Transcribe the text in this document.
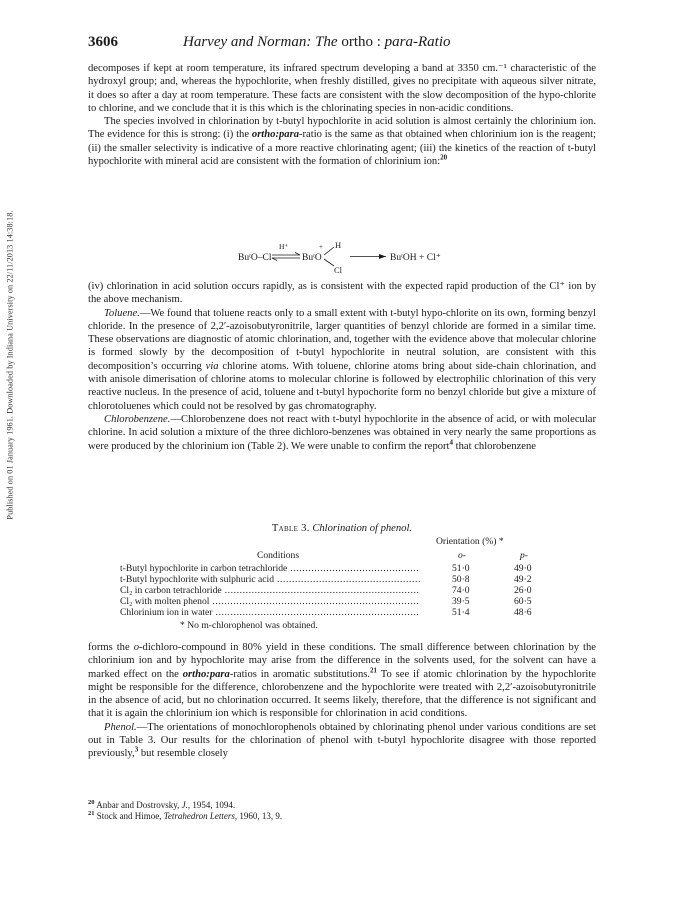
Published on 01 January 1961. Downloaded by Indiana University on 22/11/2013 14:38:18.
3606	Harvey and Norman: The ortho : para-Ratio

decomposes if kept at room temperature, its infrared spectrum developing a band at 3350 cm.⁻¹ characteristic of the hydroxyl group; and, whereas the hypochlorite, when freshly distilled, gives no precipitate with aqueous silver nitrate, it does so after a day at room temperature. These facts are consistent with the slow decomposition of the hypo-chlorite to chlorine, and we conclude that it is this which is the chlorinating species in non-acidic conditions.

The species involved in chlorination by t-butyl hypochlorite in acid solution is almost certainly the chlorinium ion. The evidence for this is strong: (i) the ortho:para-ratio is the same as that obtained when chlorinium ion is the reagent; (ii) the smaller selectivity is indicative of a more reactive chlorinating agent; (iii) the kinetics of the reaction of t-butyl hypochlorite with mineral acid are consistent with the formation of chlorinium ion:$^{20}$

BuᵗO–Cl
H⁺
BuᵗO
+ H
Cl
BuᵗOH + Cl⁺

(iv) chlorination in acid solution occurs rapidly, as is consistent with the expected rapid production of the Cl⁺ ion by the above mechanism.

Toluene.—We found that toluene reacts only to a small extent with t-butyl hypo-chlorite on its own, forming benzyl chloride. In the presence of 2,2′-azoisobutyronitrile, larger quantities of benzyl chloride are formed in a similar time. These observations are diagnostic of atomic chlorination, and, together with the evidence above that molecular chlorine is formed slowly by the decomposition of t-butyl hypochlorite in neutral solution, are consistent with this decomposition’s occurring via chlorine atoms. With toluene, chlorine atoms bring about side-chain chlorination, and with anisole dimerisation of chlorine atoms to molecular chlorine is followed by electrophilic chlorination of this very reactive nucleus. In the presence of acid, toluene and t-butyl hypochorite form no benzyl chloride but give a mixture of chlorotoluenes which could not be resolved by gas chromatography.

Chlorobenzene.—Chlorobenzene does not react with t-butyl hypochlorite in the absence of acid, or with molecular chlorine. In acid solution a mixture of the three dichloro-benzenes was obtained in very nearly the same proportions as were produced by the chlorinium ion (Table 2). We were unable to confirm the report$^4$ that chlorobenzene

Table 3. Chlorination of phenol.
Orientation (%) *
Conditions	o-	p-
t-Butyl hypochlorite in carbon tetrachloride .....	51·0	49·0
t-Butyl hypochlorite with sulphuric acid .....	50·8	49·2
Cl₂ in carbon tetrachloride .....	74·0	26·0
Cl₂ with molten phenol .....	39·5	60·5
Chlorinium ion in water .....	51·4	48·6
* No m-chlorophenol was obtained.

forms the o-dichloro-compound in 80% yield in these conditions. The small difference between chlorination by the chlorinium ion and by hypochlorite may arise from the difference in the solvents used, for the solvent can have a marked effect on the ortho:para-ratios in aromatic substitutions.$^{21}$ To see if atomic chlorination by the hypochlorite might be responsible for the difference, chlorobenzene and the hypochlorite were treated with 2,2′-azoisobutyronitrile in the absence of acid, but no chlorination occurred. It seems likely, therefore, that the difference is not significant and that it is again the chlorinium ion which is responsible for chlorination in acid conditions.

Phenol.—The orientations of monochlorophenols obtained by chlorinating phenol under various conditions are set out in Table 3. Our results for the chlorination of phenol with t-butyl hypochlorite disagree with those reported previously,$^3$ but resemble closely

$^{20}$ Anbar and Dostrovsky, J., 1954, 1094.
$^{21}$ Stock and Himoe, Tetrahedron Letters, 1960, 13, 9.
